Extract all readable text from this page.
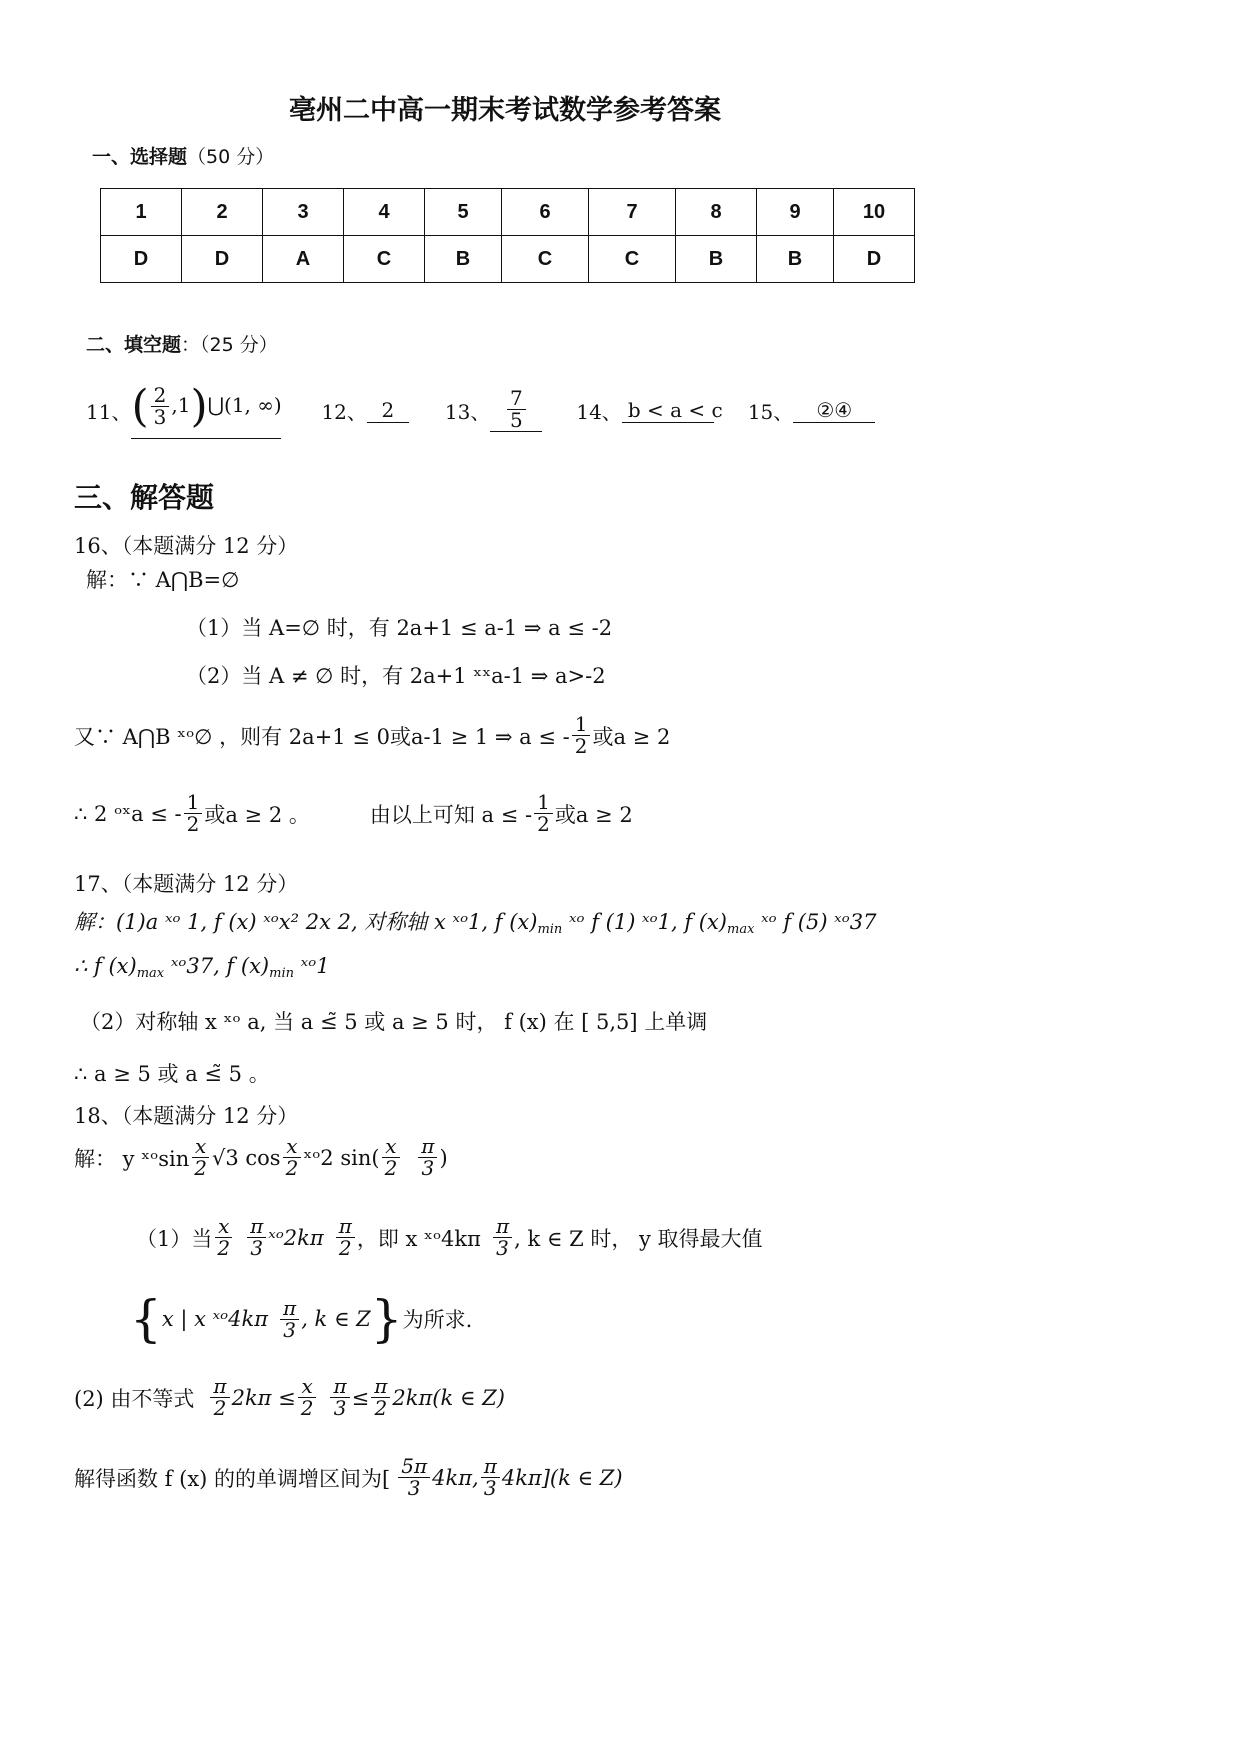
亳州二中高一期末考试数学参考答案
一、选择题（50 分）
1	2	3	4	5	6	7	8	9	10
D	D	A	C	B	C	C	B	B	D
二、填空题：（25 分）
11、 ( $\frac{2}{3}$ ,1)⋃(1, ∞) 12、 2	13、 $\frac{7}{5}$	14、 b < a < c 15、	②④
三、解答题
16、（本题满分 12 分）
解：∵ A⋂B=∅
（1）当 A=∅ 时，有 2a+1 ≤ a-1 ⇒ a ≤ -2
（2）当 A ≠ ∅ 时，有 2a+1 ˣˣa-1 ⇒ a>-2
又∵ A⋂B ˣᵒ∅ ，则有 2a+1 ≤ 0或a-1 ≥ 1 ⇒ a ≤ - $\frac{1}{2}$ 或a ≥ 2
∴ 2 ᵒˣa ≤ - $\frac{1}{2}$ 或a ≥ 2 。	由以上可知 a ≤ - $\frac{1}{2}$ 或a ≥ 2
17、（本题满分 12 分）
解：(1)a ˣᵒ 1, f (x) ˣᵒx² 2x 2, 对称轴 x ˣᵒ1, f $(x)_{min}$ ˣᵒ f (1) ˣᵒ1, f $(x)_{max}$ ˣᵒ f (5) ˣᵒ37
∴ f $(x)_{max}$ ˣᵒ37, f $(x)_{min}$ ˣᵒ1
（2）对称轴 x ˣᵒ a, 当 a ≤̃ 5 或 a ≥ 5 时， f (x) 在 [ 5,5] 上单调
∴ a ≥ 5 或 a ≤̃ 5 。
18、（本题满分 12 分）
解： y ˣᵒsin $\frac{x}{2} √3$ $\cos \frac{x}{2}$ ˣᵒ2 $\sin( \frac{x}{2} \frac{\pi}{3}$ )
（1）当 $\frac{x}{2} \frac{\pi}{3}$ ˣᵒ2kπ $\frac{\pi}{2}$ ，即 x ˣᵒ4kπ $\frac{\pi}{3}$ , k ∈ Z 时， y 取得最大值
{ x | x ˣᵒ4kπ $\frac{\pi}{3}$ , k ∈ Z } 为所求.
(2) 由不等式 $\frac{\pi}{2} 2k\pi \le \frac{x}{2} \frac{\pi}{3} \le \frac{\pi}{2} 2k\pi(k$ ∈ Z)
解得函数 f (x) 的的单调增区间为[ $\frac{5\pi}{3} 4k\pi$, $\frac{\pi}{3} 4k\pi](k$ ∈ Z)
